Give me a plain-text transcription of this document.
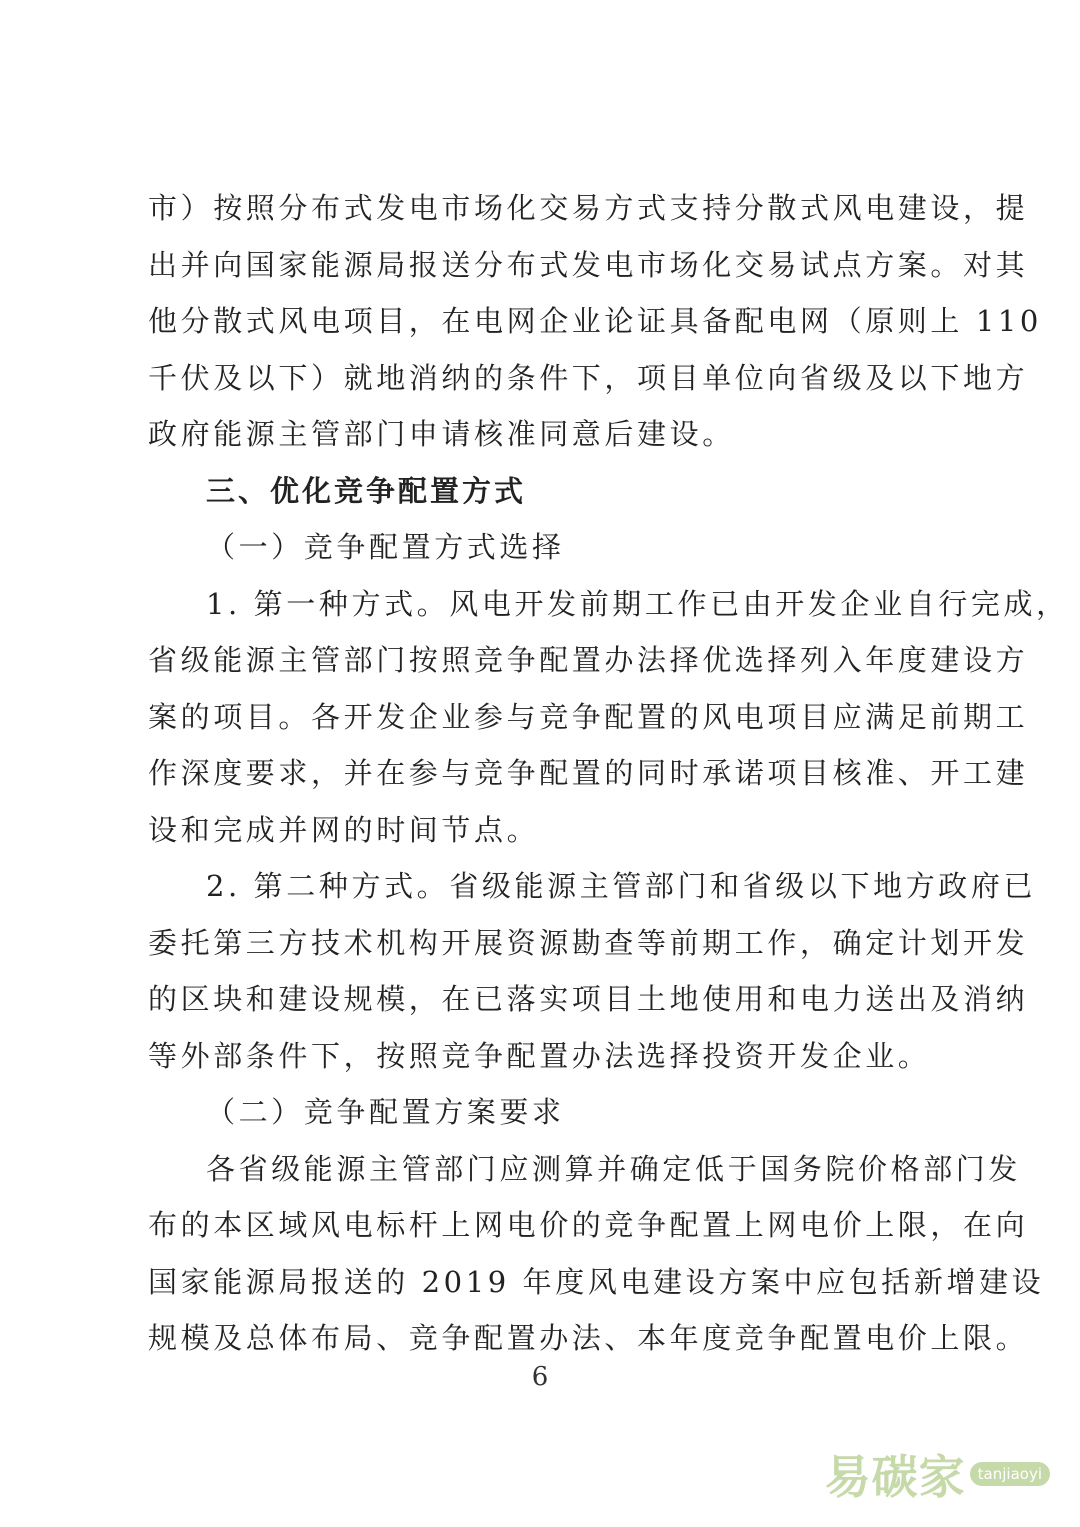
市）按照分布式发电市场化交易方式支持分散式风电建设，提
出并向国家能源局报送分布式发电市场化交易试点方案。对其
他分散式风电项目，在电网企业论证具备配电网（原则上 110
千伏及以下）就地消纳的条件下，项目单位向省级及以下地方
政府能源主管部门申请核准同意后建设。
三、优化竞争配置方式
（一）竞争配置方式选择
1. 第一种方式。风电开发前期工作已由开发企业自行完成，
省级能源主管部门按照竞争配置办法择优选择列入年度建设方
案的项目。各开发企业参与竞争配置的风电项目应满足前期工
作深度要求，并在参与竞争配置的同时承诺项目核准、开工建
设和完成并网的时间节点。
2. 第二种方式。省级能源主管部门和省级以下地方政府已
委托第三方技术机构开展资源勘查等前期工作，确定计划开发
的区块和建设规模，在已落实项目土地使用和电力送出及消纳
等外部条件下，按照竞争配置办法选择投资开发企业。
（二）竞争配置方案要求
各省级能源主管部门应测算并确定低于国务院价格部门发
布的本区域风电标杆上网电价的竞争配置上网电价上限，在向
国家能源局报送的 2019 年度风电建设方案中应包括新增建设
规模及总体布局、竞争配置办法、本年度竞争配置电价上限。
6
易碳家 tanjiaoyi
